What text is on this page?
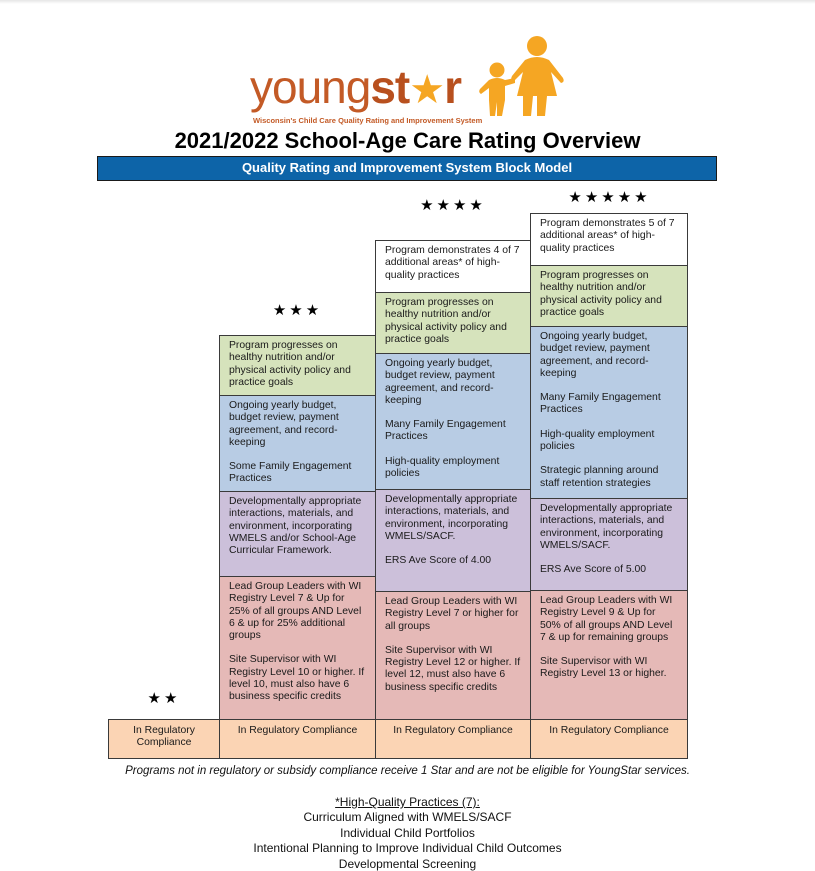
youngst★r
Wisconsin's Child Care Quality Rating and Improvement System
2021/2022 School-Age Care Rating Overview
Quality Rating and Improvement System Block Model
★★
★★★
★★★★	★★★★★
In Regulatory Compliance

Program progresses on healthy nutrition and/or physical activity policy and practice goals

Ongoing yearly budget, budget review, payment agreement, and record-keeping

Some Family Engagement Practices

Developmentally appropriate interactions, materials, and environment, incorporating WMELS and/or School-Age Curricular Framework.

Lead Group Leaders with WI Registry Level 7 & Up for 25% of all groups AND Level 6 & up for 25% additional groups

Site Supervisor with WI Registry Level 10 or higher. If level 10, must also have 6 business specific credits

In Regulatory Compliance

Program demonstrates 4 of 7 additional areas* of high-quality practices

Program progresses on healthy nutrition and/or physical activity policy and practice goals

Ongoing yearly budget, budget review, payment agreement, and record-keeping

Many Family Engagement Practices

High-quality employment policies

Developmentally appropriate interactions, materials, and environment, incorporating WMELS/SACF.

ERS Ave Score of 4.00

Lead Group Leaders with WI Registry Level 7 or higher for all groups

Site Supervisor with WI Registry Level 12 or higher. If level 12, must also have 6 business specific credits

In Regulatory Compliance

Program demonstrates 5 of 7 additional areas* of high-quality practices

Program progresses on healthy nutrition and/or physical activity policy and practice goals

Ongoing yearly budget, budget review, payment agreement, and record-keeping

Many Family Engagement Practices

High-quality employment policies

Strategic planning around staff retention strategies

Developmentally appropriate interactions, materials, and environment, incorporating WMELS/SACF.

ERS Ave Score of 5.00

Lead Group Leaders with WI Registry Level 9 & Up for 50% of all groups AND Level 7 & up for remaining groups

Site Supervisor with WI Registry Level 13 or higher.

In Regulatory Compliance
Programs not in regulatory or subsidy compliance receive 1 Star and are not be eligible for YoungStar services.
*High-Quality Practices (7):
Curriculum Aligned with WMELS/SACF
Individual Child Portfolios
Intentional Planning to Improve Individual Child Outcomes
Developmental Screening
